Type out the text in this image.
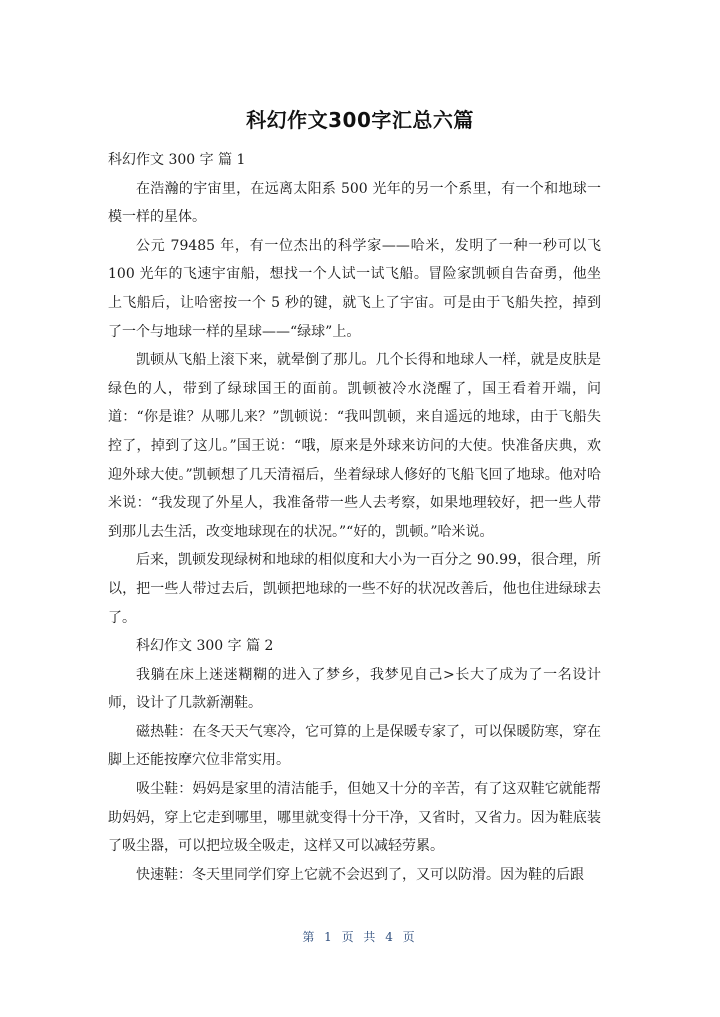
科幻作文300字汇总六篇

科幻作文 300 字 篇 1

在浩瀚的宇宙里，在远离太阳系 500 光年的另一个系里，有一个和地球一模一样的星体。

公元 79485 年，有一位杰出的科学家——哈米，发明了一种一秒可以飞 100 光年的飞速宇宙船，想找一个人试一试飞船。冒险家凯顿自告奋勇，他坐上飞船后，让哈密按一个 5 秒的键，就飞上了宇宙。可是由于飞船失控，掉到了一个与地球一样的星球——“绿球”上。

凯顿从飞船上滚下来，就晕倒了那儿。几个长得和地球人一样，就是皮肤是绿色的人，带到了绿球国王的面前。凯顿被冷水浇醒了，国王看着开端，问道：“你是谁？从哪儿来？”凯顿说：“我叫凯顿，来自遥远的地球，由于飞船失控了，掉到了这儿。”国王说：“哦，原来是外球来访问的大使。快准备庆典，欢迎外球大使。”凯顿想了几天清福后，坐着绿球人修好的飞船飞回了地球。他对哈米说：“我发现了外星人，我准备带一些人去考察，如果地理较好，把一些人带到那儿去生活，改变地球现在的状况。”“好的，凯顿。”哈米说。

后来，凯顿发现绿树和地球的相似度和大小为一百分之 90.99，很合理，所以，把一些人带过去后，凯顿把地球的一些不好的状况改善后，他也住进绿球去了。

科幻作文 300 字 篇 2

我躺在床上迷迷糊糊的进入了梦乡，我梦见自己>长大了成为了一名设计师，设计了几款新潮鞋。

磁热鞋：在冬天天气寒冷，它可算的上是保暖专家了，可以保暖防寒，穿在脚上还能按摩穴位非常实用。

吸尘鞋：妈妈是家里的清洁能手，但她又十分的辛苦，有了这双鞋它就能帮助妈妈，穿上它走到哪里，哪里就变得十分干净，又省时，又省力。因为鞋底装了吸尘器，可以把垃圾全吸走，这样又可以减轻劳累。

快速鞋：冬天里同学们穿上它就不会迟到了，又可以防滑。因为鞋的后跟

第 1 页 共 4 页
